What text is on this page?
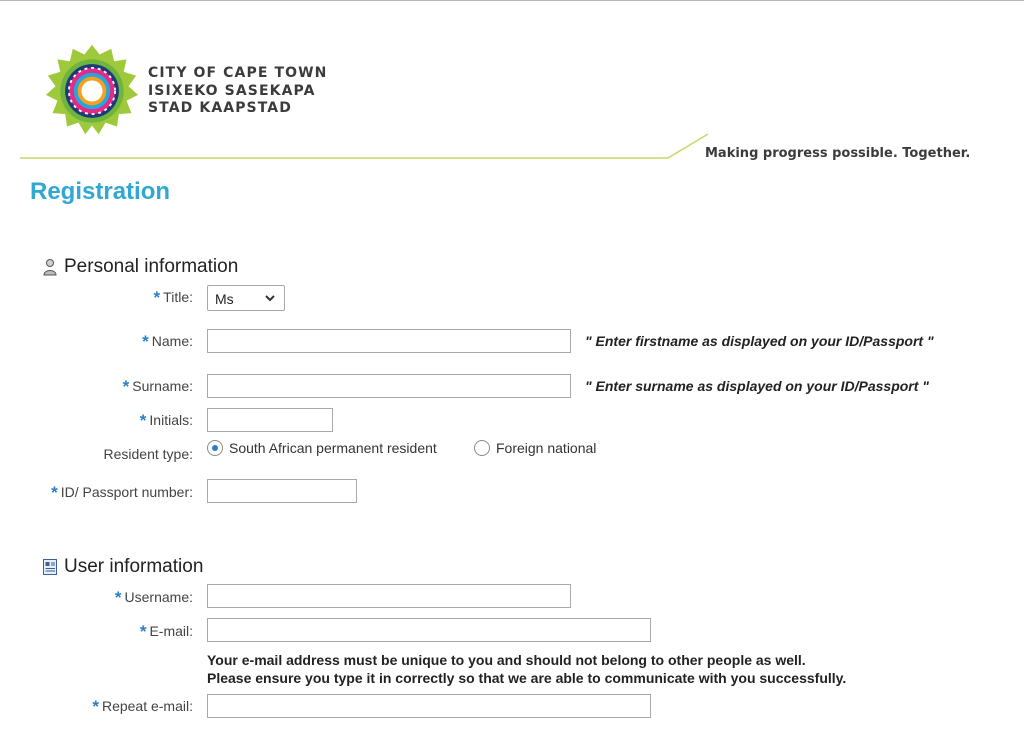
CITY OF CAPE TOWN
ISIXEKO SASEKAPA
STAD KAAPSTAD
Making progress possible. Together.
Registration
Personal information
* Title:	Ms
* Name:	" Enter firstname as displayed on your ID/Passport "
* Surname:	" Enter surname as displayed on your ID/Passport "
* Initials:
Resident type:	South African permanent resident	Foreign national
* ID/ Passport number:
User information
* Username:
* E-mail:
Your e-mail address must be unique to you and should not belong to other people as well.
Please ensure you type it in correctly so that we are able to communicate with you successfully.
* Repeat e-mail:
